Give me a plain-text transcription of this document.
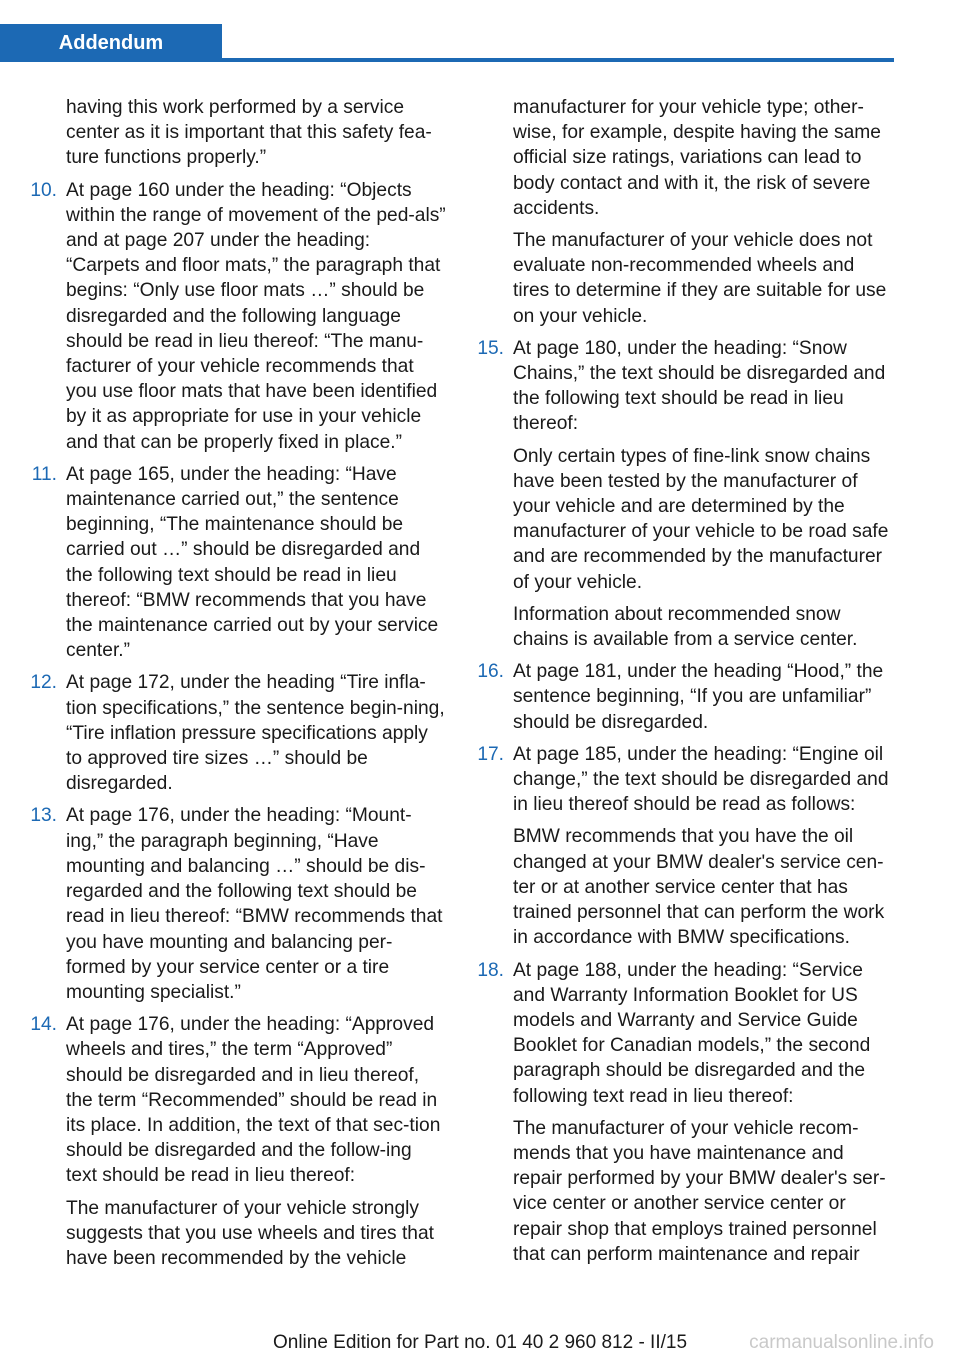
Addendum

having this work performed by a service center as it is important that this safety fea-ture functions properly.”

10. At page 160 under the heading: “Objects within the range of movement of the ped-als” and at page 207 under the heading: “Carpets and floor mats,” the paragraph that begins: “Only use floor mats …” should be disregarded and the following language should be read in lieu thereof: “The manu-facturer of your vehicle recommends that you use floor mats that have been identified by it as appropriate for use in your vehicle and that can be properly fixed in place.”

11. At page 165, under the heading: “Have maintenance carried out,” the sentence beginning, “The maintenance should be carried out …” should be disregarded and the following text should be read in lieu thereof: “BMW recommends that you have the maintenance carried out by your service center.”

12. At page 172, under the heading “Tire infla-tion specifications,” the sentence begin-ning, “Tire inflation pressure specifications apply to approved tire sizes …” should be disregarded.

13. At page 176, under the heading: “Mount-ing,” the paragraph beginning, “Have mounting and balancing …” should be dis-regarded and the following text should be read in lieu thereof: “BMW recommends that you have mounting and balancing per-formed by your service center or a tire mounting specialist.”

14. At page 176, under the heading: “Approved wheels and tires,” the term “Approved” should be disregarded and in lieu thereof, the term “Recommended” should be read in its place. In addition, the text of that sec-tion should be disregarded and the follow-ing text should be read in lieu thereof:

The manufacturer of your vehicle strongly suggests that you use wheels and tires that have been recommended by the vehicle

manufacturer for your vehicle type; other-wise, for example, despite having the same official size ratings, variations can lead to body contact and with it, the risk of severe accidents.

The manufacturer of your vehicle does not evaluate non-recommended wheels and tires to determine if they are suitable for use on your vehicle.

15. At page 180, under the heading: “Snow Chains,” the text should be disregarded and the following text should be read in lieu thereof:

Only certain types of fine-link snow chains have been tested by the manufacturer of your vehicle and are determined by the manufacturer of your vehicle to be road safe and are recommended by the manufacturer of your vehicle.

Information about recommended snow chains is available from a service center.

16. At page 181, under the heading “Hood,” the sentence beginning, “If you are unfamiliar” should be disregarded.

17. At page 185, under the heading: “Engine oil change,” the text should be disregarded and in lieu thereof should be read as follows:

BMW recommends that you have the oil changed at your BMW dealer's service cen-ter or at another service center that has trained personnel that can perform the work in accordance with BMW specifications.

18. At page 188, under the heading: “Service and Warranty Information Booklet for US models and Warranty and Service Guide Booklet for Canadian models,” the second paragraph should be disregarded and the following text read in lieu thereof:

The manufacturer of your vehicle recom-mends that you have maintenance and repair performed by your BMW dealer's ser-vice center or another service center or repair shop that employs trained personnel that can perform maintenance and repair

Online Edition for Part no. 01 40 2 960 812 - II/15	carmanualsonline.info
